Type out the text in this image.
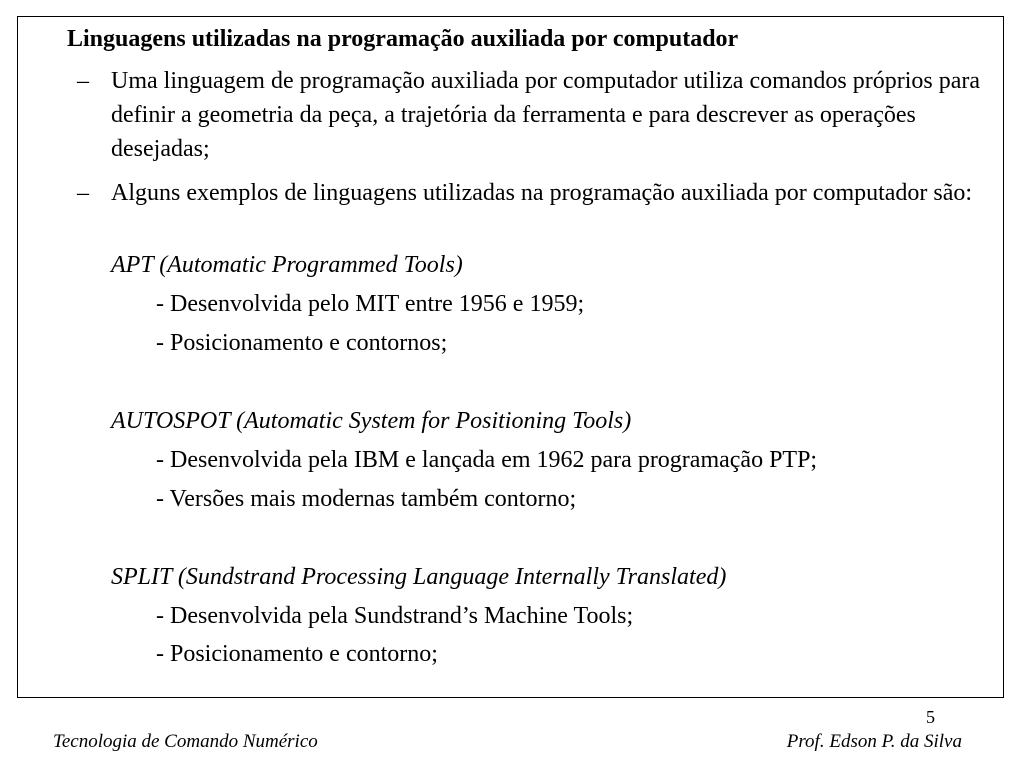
Linguagens utilizadas na programação auxiliada por computador
– Uma linguagem de programação auxiliada por computador utiliza comandos próprios para definir a geometria da peça, a trajetória da ferramenta e para descrever as operações desejadas;
– Alguns exemplos de linguagens utilizadas na programação auxiliada por computador são:
APT (Automatic Programmed Tools)
- Desenvolvida pelo MIT entre 1956 e 1959;
- Posicionamento e contornos;
AUTOSPOT (Automatic System for Positioning Tools)
- Desenvolvida pela IBM e lançada em 1962 para programação PTP;
- Versões mais modernas também contorno;
SPLIT (Sundstrand Processing Language Internally Translated)
- Desenvolvida pela Sundstrand’s Machine Tools;
- Posicionamento e contorno;
5
Tecnologia de Comando Numérico	Prof. Edson P. da Silva
